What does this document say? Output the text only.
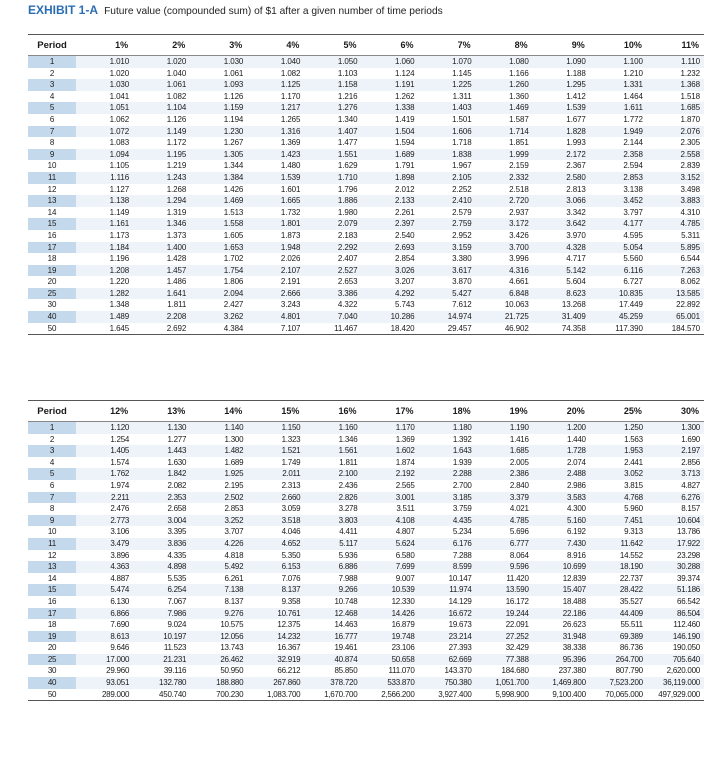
EXHIBIT 1-A Future value (compounded sum) of $1 after a given number of time periods
Period	1%	2%	3%	4%	5%	6%	7%	8%	9%	10%	11%
1	1.010	1.020	1.030	1.040	1.050	1.060	1.070	1.080	1.090	1.100	1.110
2	1.020	1.040	1.061	1.082	1.103	1.124	1.145	1.166	1.188	1.210	1.232
3	1.030	1.061	1.093	1.125	1.158	1.191	1.225	1.260	1.295	1.331	1.368
4	1.041	1.082	1.126	1.170	1.216	1.262	1.311	1.360	1.412	1.464	1.518
5	1.051	1.104	1.159	1.217	1.276	1.338	1.403	1.469	1.539	1.611	1.685
6	1.062	1.126	1.194	1.265	1.340	1.419	1.501	1.587	1.677	1.772	1.870
7	1.072	1.149	1.230	1.316	1.407	1.504	1.606	1.714	1.828	1.949	2.076
8	1.083	1.172	1.267	1.369	1.477	1.594	1.718	1.851	1.993	2.144	2.305
9	1.094	1.195	1.305	1.423	1.551	1.689	1.838	1.999	2.172	2.358	2.558
10	1.105	1.219	1.344	1.480	1.629	1.791	1.967	2.159	2.367	2.594	2.839
11	1.116	1.243	1.384	1.539	1.710	1.898	2.105	2.332	2.580	2.853	3.152
12	1.127	1.268	1.426	1.601	1.796	2.012	2.252	2.518	2.813	3.138	3.498
13	1.138	1.294	1.469	1.665	1.886	2.133	2.410	2.720	3.066	3.452	3.883
14	1.149	1.319	1.513	1.732	1.980	2.261	2.579	2.937	3.342	3.797	4.310
15	1.161	1.346	1.558	1.801	2.079	2.397	2.759	3.172	3.642	4.177	4.785
16	1.173	1.373	1.605	1.873	2.183	2.540	2.952	3.426	3.970	4.595	5.311
17	1.184	1.400	1.653	1.948	2.292	2.693	3.159	3.700	4.328	5.054	5.895
18	1.196	1.428	1.702	2.026	2.407	2.854	3.380	3.996	4.717	5.560	6.544
19	1.208	1.457	1.754	2.107	2.527	3.026	3.617	4.316	5.142	6.116	7.263
20	1.220	1.486	1.806	2.191	2.653	3.207	3.870	4.661	5.604	6.727	8.062
25	1.282	1.641	2.094	2.666	3.386	4.292	5.427	6.848	8.623	10.835	13.585
30	1.348	1.811	2.427	3.243	4.322	5.743	7.612	10.063	13.268	17.449	22.892
40	1.489	2.208	3.262	4.801	7.040	10.286	14.974	21.725	31.409	45.259	65.001
50	1.645	2.692	4.384	7.107	11.467	18.420	29.457	46.902	74.358	117.390	184.570
Period	12%	13%	14%	15%	16%	17%	18%	19%	20%	25%	30%
1	1.120	1.130	1.140	1.150	1.160	1.170	1.180	1.190	1.200	1.250	1.300
2	1.254	1.277	1.300	1.323	1.346	1.369	1.392	1.416	1.440	1.563	1.690
3	1.405	1.443	1.482	1.521	1.561	1.602	1.643	1.685	1.728	1.953	2.197
4	1.574	1.630	1.689	1.749	1.811	1.874	1.939	2.005	2.074	2.441	2.856
5	1.762	1.842	1.925	2.011	2.100	2.192	2.288	2.386	2.488	3.052	3.713
6	1.974	2.082	2.195	2.313	2.436	2.565	2.700	2.840	2.986	3.815	4.827
7	2.211	2.353	2.502	2.660	2.826	3.001	3.185	3.379	3.583	4.768	6.276
8	2.476	2.658	2.853	3.059	3.278	3.511	3.759	4.021	4.300	5.960	8.157
9	2.773	3.004	3.252	3.518	3.803	4.108	4.435	4.785	5.160	7.451	10.604
10	3.106	3.395	3.707	4.046	4.411	4.807	5.234	5.696	6.192	9.313	13.786
11	3.479	3.836	4.226	4.652	5.117	5.624	6.176	6.777	7.430	11.642	17.922
12	3.896	4.335	4.818	5.350	5.936	6.580	7.288	8.064	8.916	14.552	23.298
13	4.363	4.898	5.492	6.153	6.886	7.699	8.599	9.596	10.699	18.190	30.288
14	4.887	5.535	6.261	7.076	7.988	9.007	10.147	11.420	12.839	22.737	39.374
15	5.474	6.254	7.138	8.137	9.266	10.539	11.974	13.590	15.407	28.422	51.186
16	6.130	7.067	8.137	9.358	10.748	12.330	14.129	16.172	18.488	35.527	66.542
17	6.866	7.986	9.276	10.761	12.468	14.426	16.672	19.244	22.186	44.409	86.504
18	7.690	9.024	10.575	12.375	14.463	16.879	19.673	22.091	26.623	55.511	112.460
19	8.613	10.197	12.056	14.232	16.777	19.748	23.214	27.252	31.948	69.389	146.190
20	9.646	11.523	13.743	16.367	19.461	23.106	27.393	32.429	38.338	86.736	190.050
25	17.000	21.231	26.462	32.919	40.874	50.658	62.669	77.388	95.396	264.700	705.640
30	29.960	39.116	50.950	66.212	85.850	111.070	143.370	184.680	237.380	807.790	2,620.000
40	93.051	132.780	188.880	267.860	378.720	533.870	750.380	1,051.700	1,469.800	7,523.200	36,119.000
50	289.000	450.740	700.230	1,083.700	1,670.700	2,566.200	3,927.400	5,998.900	9,100.400	70,065.000	497,929.000
